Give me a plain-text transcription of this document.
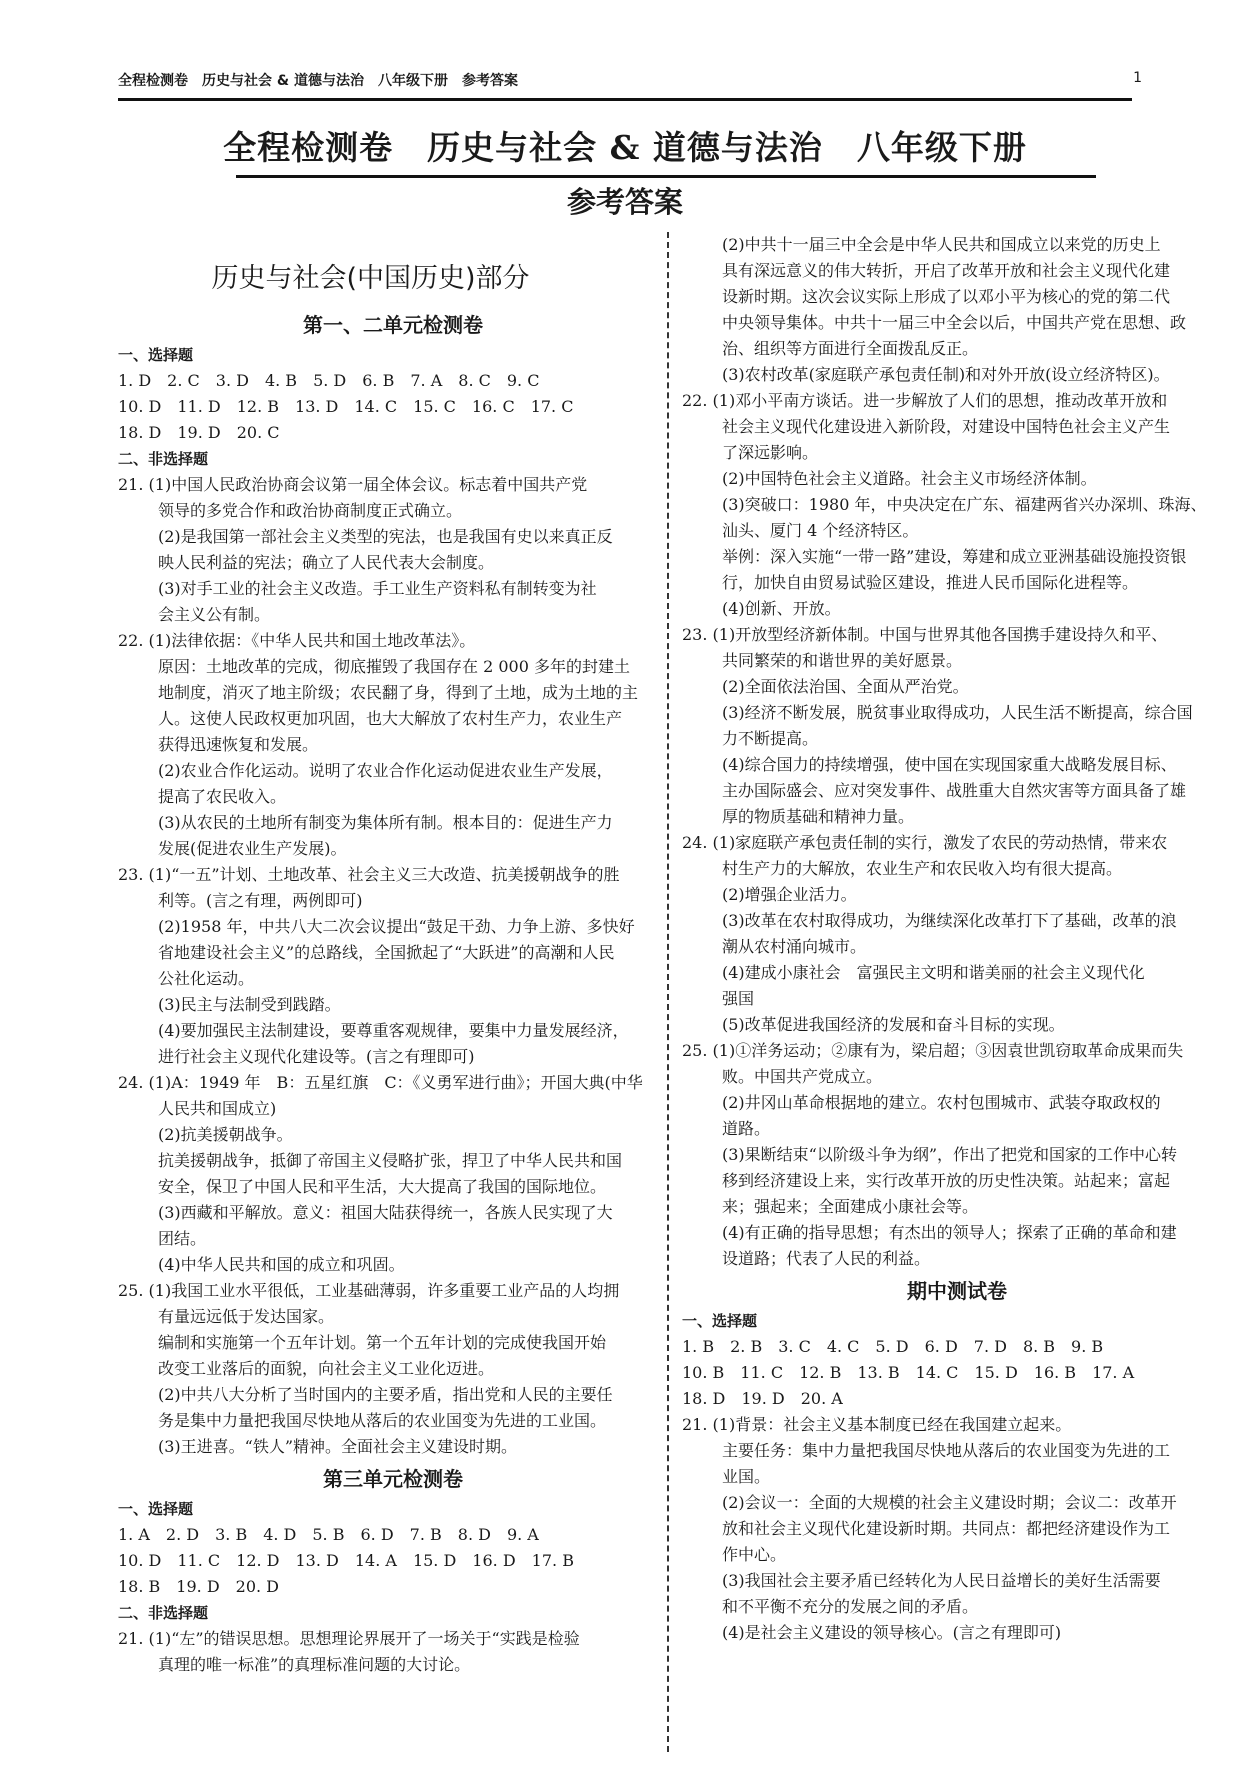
全程检测卷　历史与社会 & 道德与法治　八年级下册　参考答案	1
全程检测卷　历史与社会 & 道德与法治　八年级下册
参考答案
历史与社会(中国历史)部分
第一、二单元检测卷
一、选择题
1. D　2. C　3. D　4. B　5. D　6. B　7. A　8. C　9. C
10. D　11. D　12. B　13. D　14. C　15. C　16. C　17. C
18. D　19. D　20. C
二、非选择题
21. (1)中国人民政治协商会议第一届全体会议。标志着中国共产党
领导的多党合作和政治协商制度正式确立。
(2)是我国第一部社会主义类型的宪法，也是我国有史以来真正反
映人民利益的宪法；确立了人民代表大会制度。
(3)对手工业的社会主义改造。手工业生产资料私有制转变为社
会主义公有制。
22. (1)法律依据：《中华人民共和国土地改革法》。
原因：土地改革的完成，彻底摧毁了我国存在 2 000 多年的封建土
地制度，消灭了地主阶级；农民翻了身，得到了土地，成为土地的主
人。这使人民政权更加巩固，也大大解放了农村生产力，农业生产
获得迅速恢复和发展。
(2)农业合作化运动。说明了农业合作化运动促进农业生产发展，
提高了农民收入。
(3)从农民的土地所有制变为集体所有制。根本目的：促进生产力
发展(促进农业生产发展)。
23. (1)“一五”计划、土地改革、社会主义三大改造、抗美援朝战争的胜
利等。(言之有理，两例即可)
(2)1958 年，中共八大二次会议提出“鼓足干劲、力争上游、多快好
省地建设社会主义”的总路线，全国掀起了“大跃进”的高潮和人民
公社化运动。
(3)民主与法制受到践踏。
(4)要加强民主法制建设，要尊重客观规律，要集中力量发展经济，
进行社会主义现代化建设等。(言之有理即可)
24. (1)A：1949 年　B：五星红旗　C：《义勇军进行曲》；开国大典(中华
人民共和国成立)
(2)抗美援朝战争。
抗美援朝战争，抵御了帝国主义侵略扩张，捍卫了中华人民共和国
安全，保卫了中国人民和平生活，大大提高了我国的国际地位。
(3)西藏和平解放。意义：祖国大陆获得统一，各族人民实现了大
团结。
(4)中华人民共和国的成立和巩固。
25. (1)我国工业水平很低，工业基础薄弱，许多重要工业产品的人均拥
有量远远低于发达国家。
编制和实施第一个五年计划。第一个五年计划的完成使我国开始
改变工业落后的面貌，向社会主义工业化迈进。
(2)中共八大分析了当时国内的主要矛盾，指出党和人民的主要任
务是集中力量把我国尽快地从落后的农业国变为先进的工业国。
(3)王进喜。“铁人”精神。全面社会主义建设时期。
第三单元检测卷
一、选择题
1. A　2. D　3. B　4. D　5. B　6. D　7. B　8. D　9. A
10. D　11. C　12. D　13. D　14. A　15. D　16. D　17. B
18. B　19. D　20. D
二、非选择题
21. (1)“左”的错误思想。思想理论界展开了一场关于“实践是检验
真理的唯一标准”的真理标准问题的大讨论。
(2)中共十一届三中全会是中华人民共和国成立以来党的历史上
具有深远意义的伟大转折，开启了改革开放和社会主义现代化建
设新时期。这次会议实际上形成了以邓小平为核心的党的第二代
中央领导集体。中共十一届三中全会以后，中国共产党在思想、政
治、组织等方面进行全面拨乱反正。
(3)农村改革(家庭联产承包责任制)和对外开放(设立经济特区)。
22. (1)邓小平南方谈话。进一步解放了人们的思想，推动改革开放和
社会主义现代化建设进入新阶段，对建设中国特色社会主义产生
了深远影响。
(2)中国特色社会主义道路。社会主义市场经济体制。
(3)突破口：1980 年，中央决定在广东、福建两省兴办深圳、珠海、
汕头、厦门 4 个经济特区。
举例：深入实施“一带一路”建设，筹建和成立亚洲基础设施投资银
行，加快自由贸易试验区建设，推进人民币国际化进程等。
(4)创新、开放。
23. (1)开放型经济新体制。中国与世界其他各国携手建设持久和平、
共同繁荣的和谐世界的美好愿景。
(2)全面依法治国、全面从严治党。
(3)经济不断发展，脱贫事业取得成功，人民生活不断提高，综合国
力不断提高。
(4)综合国力的持续增强，使中国在实现国家重大战略发展目标、
主办国际盛会、应对突发事件、战胜重大自然灾害等方面具备了雄
厚的物质基础和精神力量。
24. (1)家庭联产承包责任制的实行，激发了农民的劳动热情，带来农
村生产力的大解放，农业生产和农民收入均有很大提高。
(2)增强企业活力。
(3)改革在农村取得成功，为继续深化改革打下了基础，改革的浪
潮从农村涌向城市。
(4)建成小康社会　富强民主文明和谐美丽的社会主义现代化
强国
(5)改革促进我国经济的发展和奋斗目标的实现。
25. (1)①洋务运动；②康有为，梁启超；③因袁世凯窃取革命成果而失
败。中国共产党成立。
(2)井冈山革命根据地的建立。农村包围城市、武装夺取政权的
道路。
(3)果断结束“以阶级斗争为纲”，作出了把党和国家的工作中心转
移到经济建设上来，实行改革开放的历史性决策。站起来；富起
来；强起来；全面建成小康社会等。
(4)有正确的指导思想；有杰出的领导人；探索了正确的革命和建
设道路；代表了人民的利益。
期中测试卷
一、选择题
1. B　2. B　3. C　4. C　5. D　6. D　7. D　8. B　9. B
10. B　11. C　12. B　13. B　14. C　15. D　16. B　17. A
18. D　19. D　20. A
21. (1)背景：社会主义基本制度已经在我国建立起来。
主要任务：集中力量把我国尽快地从落后的农业国变为先进的工
业国。
(2)会议一：全面的大规模的社会主义建设时期；会议二：改革开
放和社会主义现代化建设新时期。共同点：都把经济建设作为工
作中心。
(3)我国社会主要矛盾已经转化为人民日益增长的美好生活需要
和不平衡不充分的发展之间的矛盾。
(4)是社会主义建设的领导核心。(言之有理即可)
